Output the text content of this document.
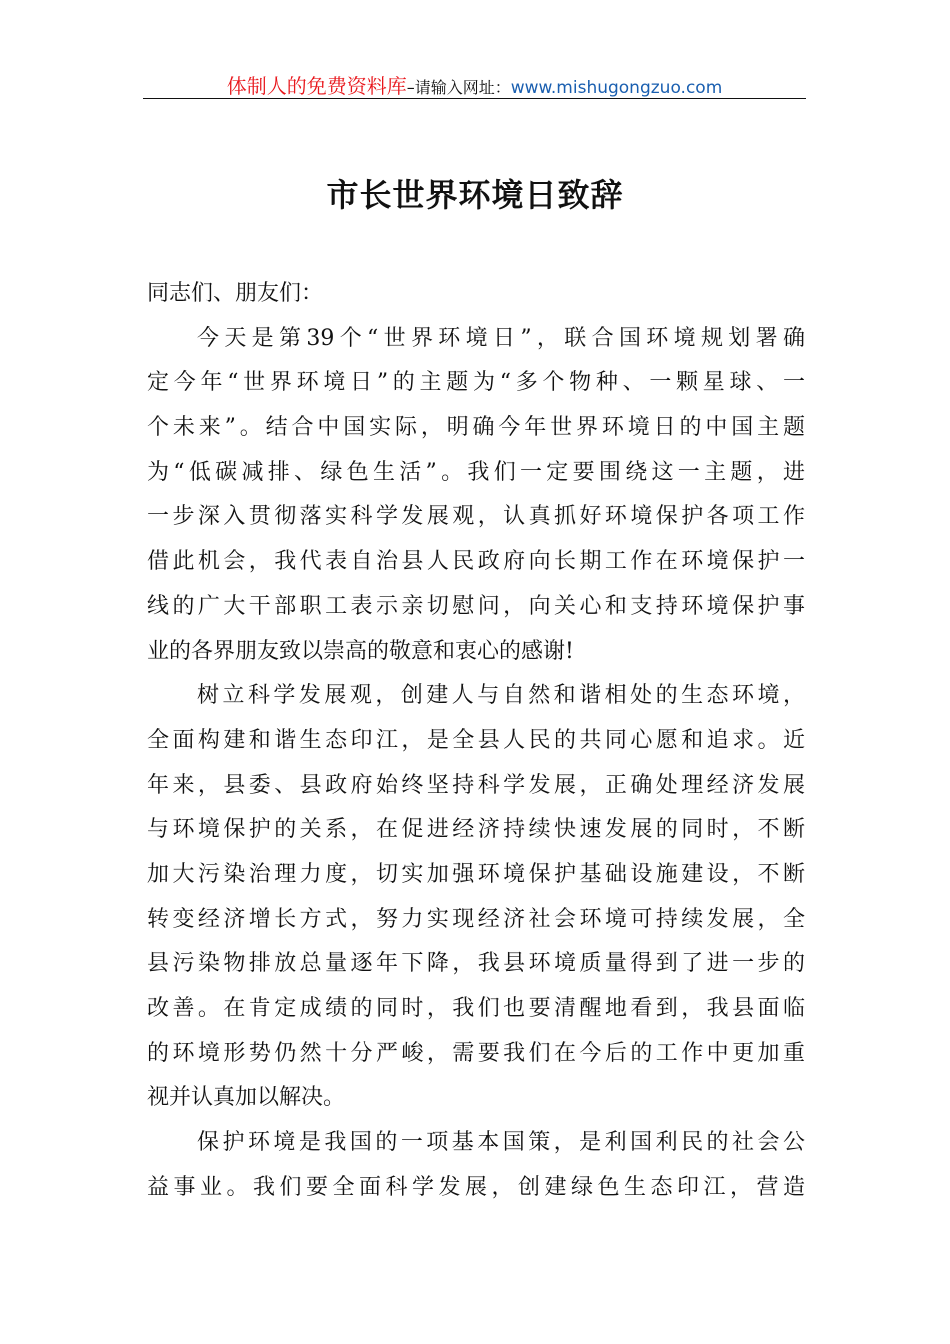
体制人的免费资料库–请输入网址：www.mishugongzuo.com
市长世界环境日致辞
同志们、朋友们：
今天是第39个“世界环境日”，联合国环境规划署确
定今年“世界环境日”的主题为“多个物种、一颗星球、一
个未来”。结合中国实际，明确今年世界环境日的中国主题
为“低碳减排、绿色生活”。我们一定要围绕这一主题，进
一步深入贯彻落实科学发展观，认真抓好环境保护各项工作
借此机会，我代表自治县人民政府向长期工作在环境保护一
线的广大干部职工表示亲切慰问，向关心和支持环境保护事
业的各界朋友致以崇高的敬意和衷心的感谢!
树立科学发展观，创建人与自然和谐相处的生态环境，
全面构建和谐生态印江，是全县人民的共同心愿和追求。近
年来，县委、县政府始终坚持科学发展，正确处理经济发展
与环境保护的关系，在促进经济持续快速发展的同时，不断
加大污染治理力度，切实加强环境保护基础设施建设，不断
转变经济增长方式，努力实现经济社会环境可持续发展，全
县污染物排放总量逐年下降，我县环境质量得到了进一步的
改善。在肯定成绩的同时，我们也要清醒地看到，我县面临
的环境形势仍然十分严峻，需要我们在今后的工作中更加重
视并认真加以解决。
保护环境是我国的一项基本国策，是利国利民的社会公
益事业。我们要全面科学发展，创建绿色生态印江，营造
